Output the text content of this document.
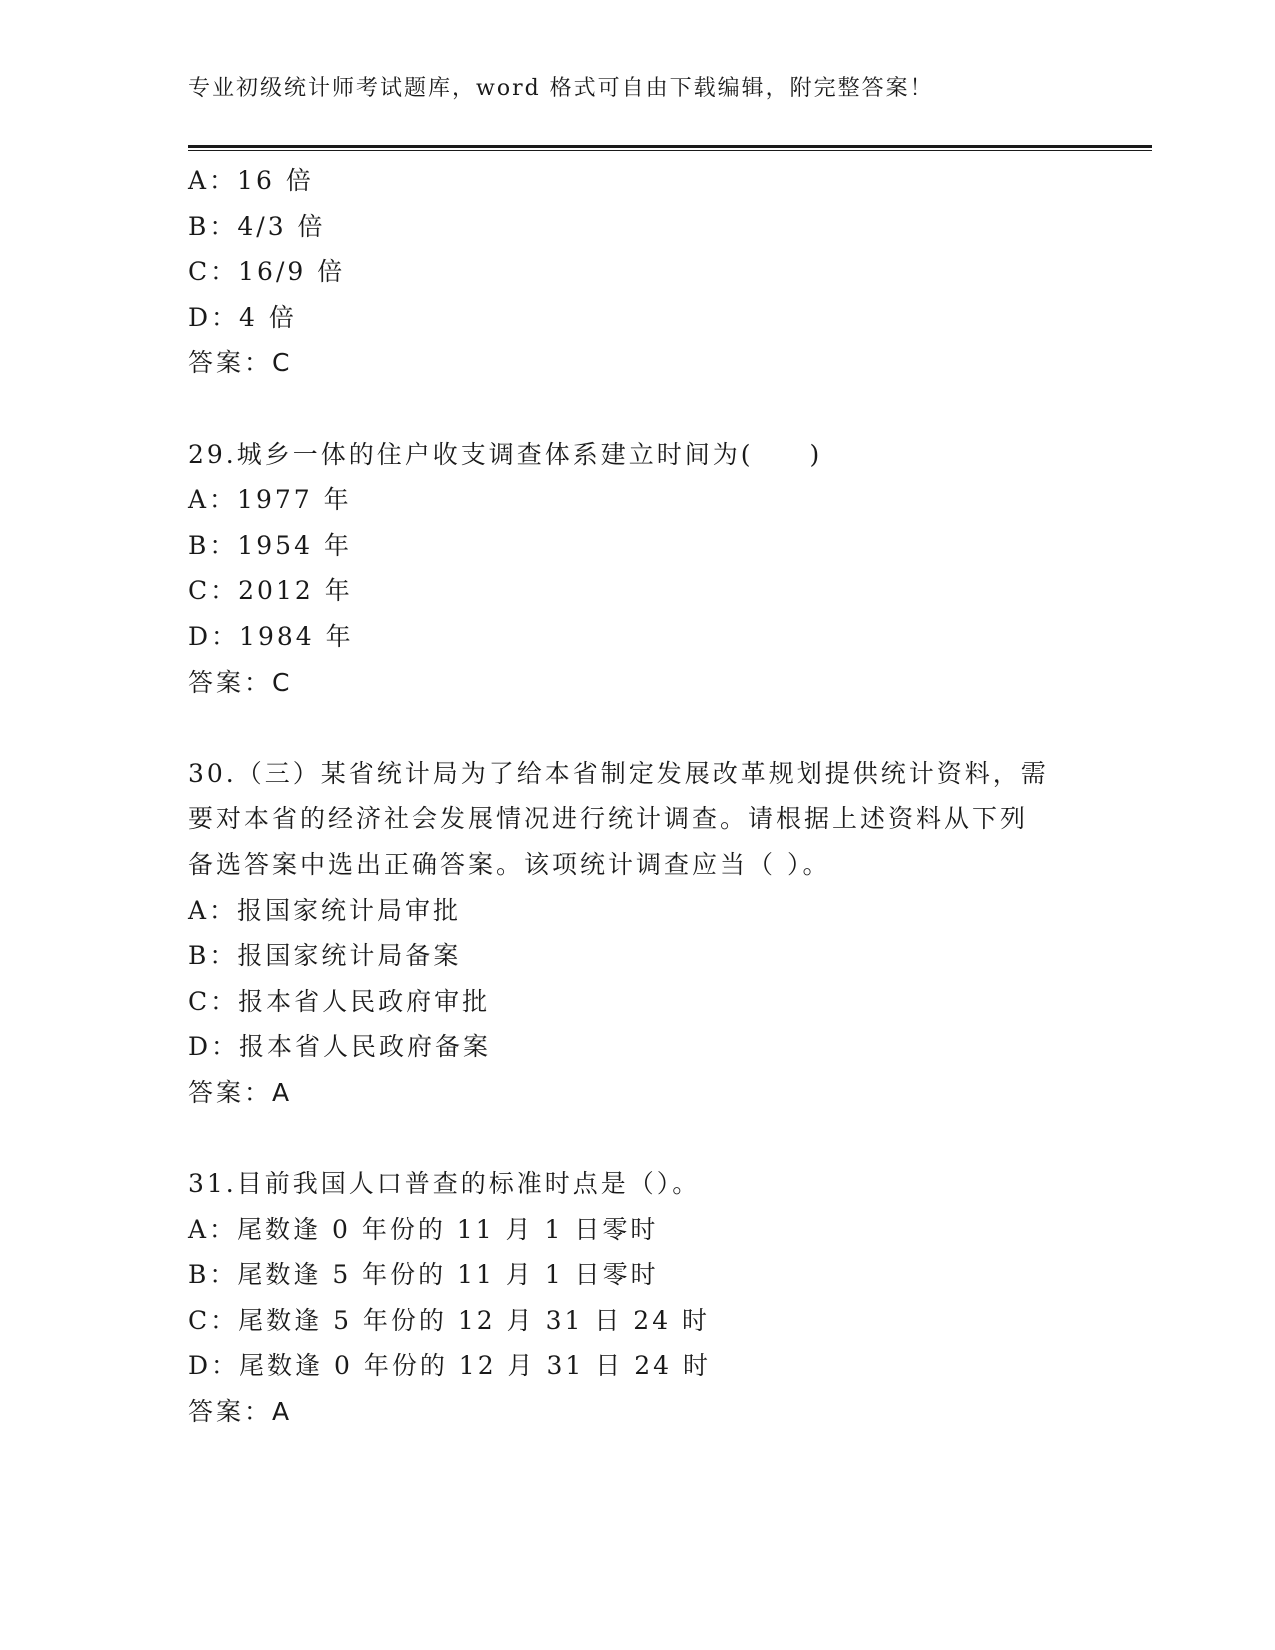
专业初级统计师考试题库，word 格式可自由下载编辑，附完整答案！
A：16 倍
B：4/3 倍
C：16/9 倍
D：4 倍
答案：C
29.城乡一体的住户收支调查体系建立时间为(　　)
A：1977 年
B：1954 年
C：2012 年
D：1984 年
答案：C
30.（三）某省统计局为了给本省制定发展改革规划提供统计资料，需
要对本省的经济社会发展情况进行统计调查。请根据上述资料从下列
备选答案中选出正确答案。该项统计调查应当（ ）。
A：报国家统计局审批
B：报国家统计局备案
C：报本省人民政府审批
D：报本省人民政府备案
答案：A
31.目前我国人口普查的标准时点是（）。
A：尾数逢 0 年份的 11 月 1 日零时
B：尾数逢 5 年份的 11 月 1 日零时
C：尾数逢 5 年份的 12 月 31 日 24 时
D：尾数逢 0 年份的 12 月 31 日 24 时
答案：A
